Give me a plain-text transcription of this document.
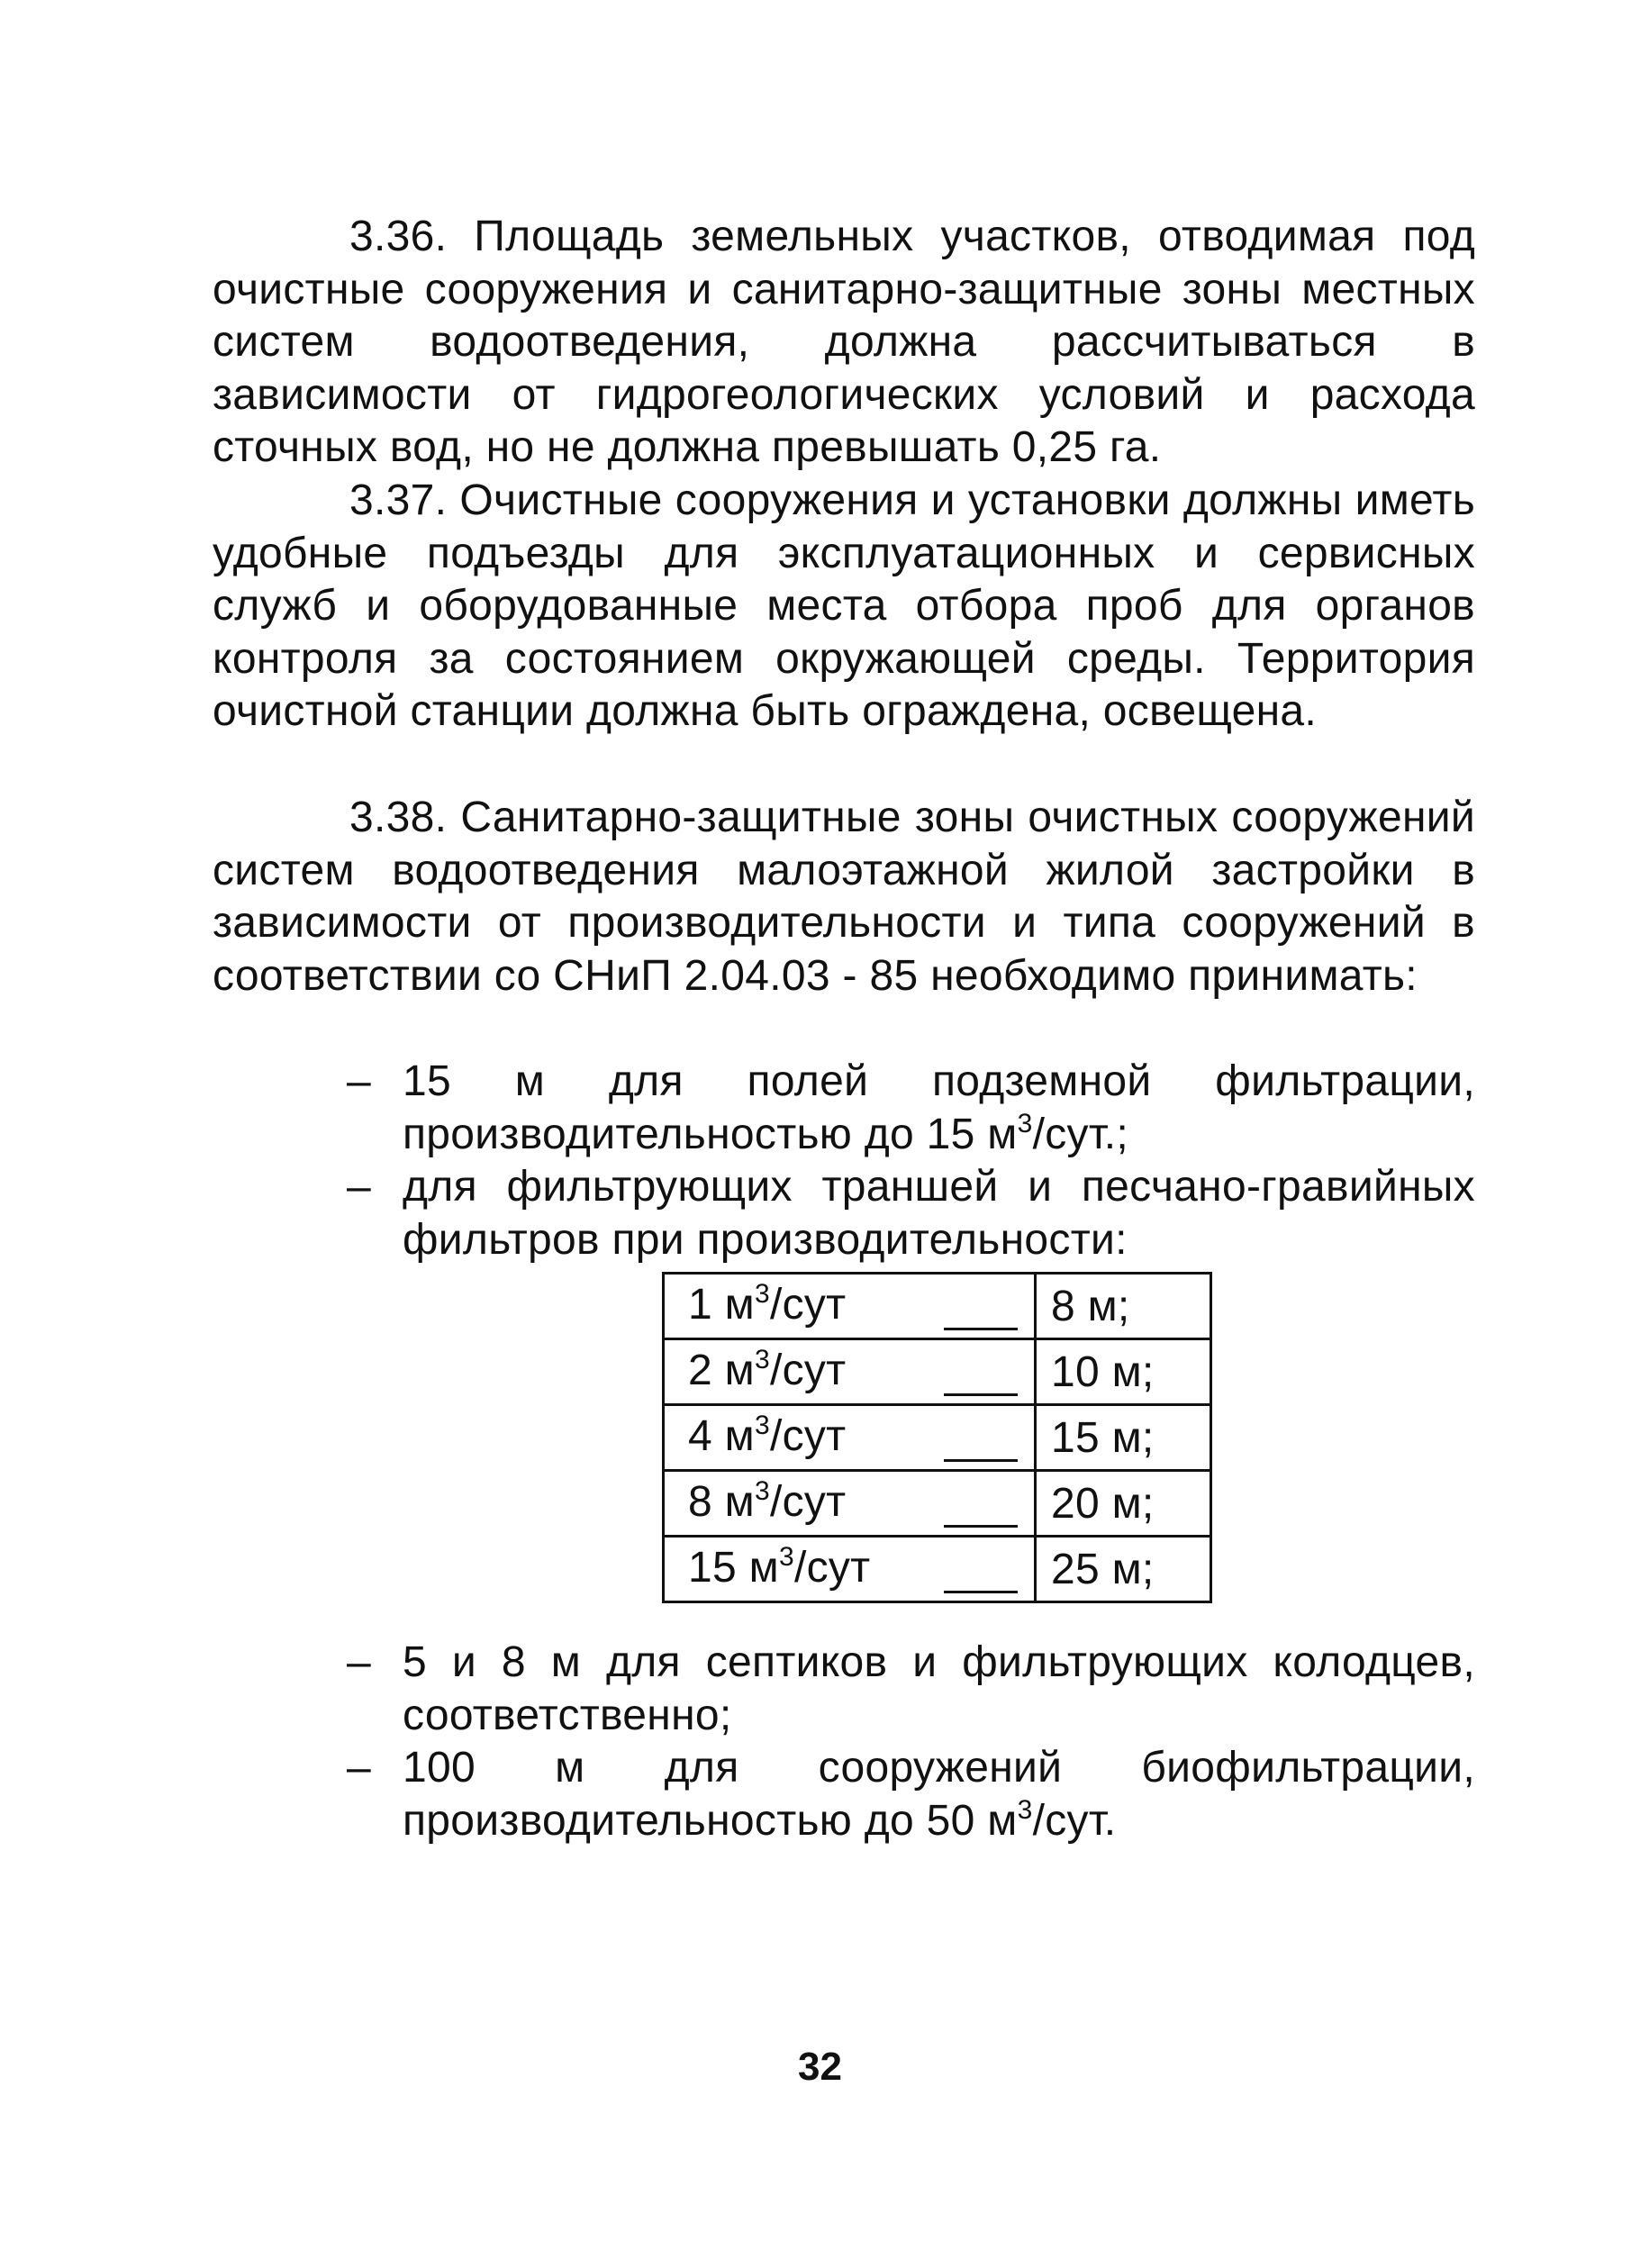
3.36. Площадь земельных участков, отводимая под очистные сооружения и санитарно-защитные зоны местных систем водоотведения, должна рассчитываться в зависимости от гидрогеологических условий и расхода сточных вод, но не должна превышать 0,25 га.

3.37. Очистные сооружения и установки должны иметь удобные подъезды для эксплуатационных и сервисных служб и оборудованные места отбора проб для органов контроля за состоянием окружающей среды. Территория очистной станции должна быть ограждена, освещена.

3.38. Санитарно-защитные зоны очистных сооружений систем водоотведения малоэтажной жилой застройки в зависимости от производительности и типа сооружений в соответствии со СНиП 2.04.03 - 85 необходимо принимать:

– 15 м для полей подземной фильтрации, производительностью до 15 $м^3$/сут.;

– для фильтрующих траншей и песчано-гравийных фильтров при производительности:

1 $м^3$/сут	8 м;

2 $м^3$/сут	10 м;

4 $м^3$/сут	15 м;

8 $м^3$/сут	20 м;

15 $м^3$/сут	25 м;
– 5 и 8 м для септиков и фильтрующих колодцев, соответственно;

– 100 м для сооружений биофильтрации, производительностью до 50 $м^3$/сут.

32
